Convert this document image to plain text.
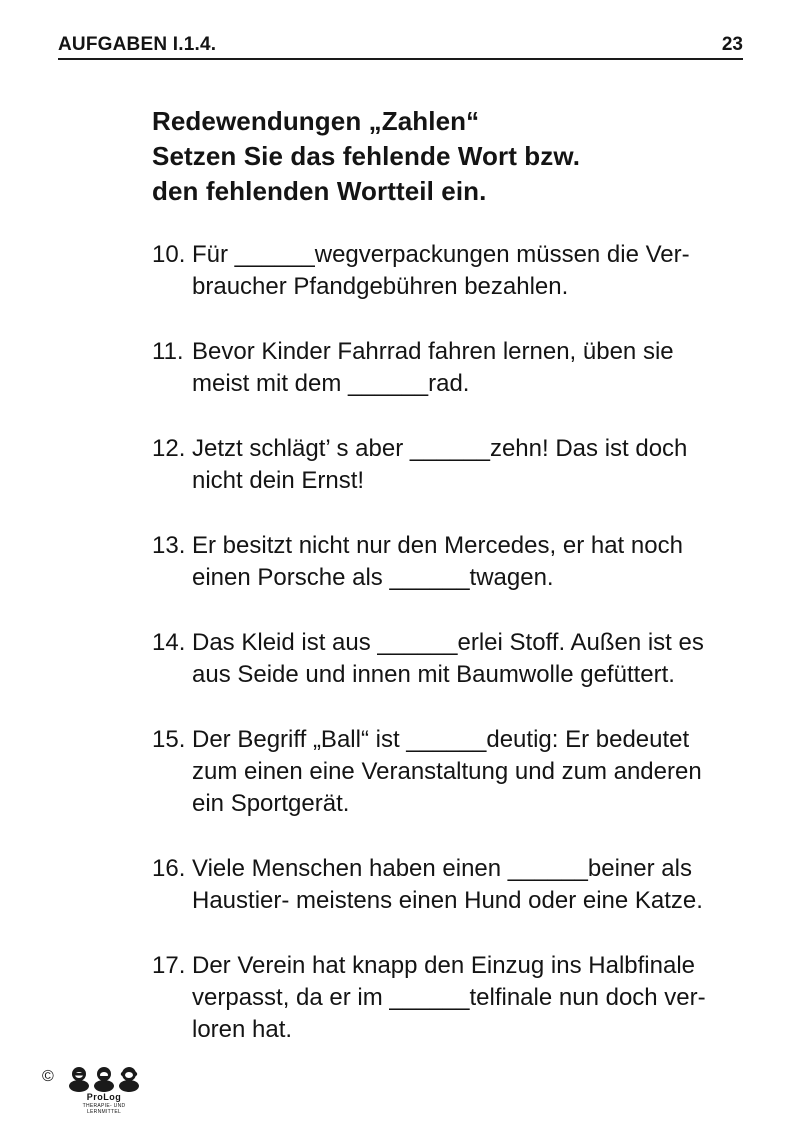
AUFGABEN I.1.4.	23
Redewendungen „Zahlen“
Setzen Sie das fehlende Wort bzw.
den fehlenden Wortteil ein.
10. Für ______wegverpackungen müssen die Ver-
braucher Pfandgebühren bezahlen.
11. Bevor Kinder Fahrrad fahren lernen, üben sie
meist mit dem ______rad.
12. Jetzt schlägt’ s aber ______zehn! Das ist doch
nicht dein Ernst!
13. Er besitzt nicht nur den Mercedes, er hat noch
einen Porsche als ______twagen.
14. Das Kleid ist aus ______erlei Stoff. Außen ist es
aus Seide und innen mit Baumwolle gefüttert.
15. Der Begriff „Ball“ ist ______deutig: Er bedeutet
zum einen eine Veranstaltung und zum anderen
ein Sportgerät.
16. Viele Menschen haben einen ______beiner als
Haustier- meistens einen Hund oder eine Katze.
17. Der Verein hat knapp den Einzug ins Halbfinale
verpasst, da er im ______telfinale nun doch ver-
loren hat.
©
ProLog
THERAPIE- UND
LERNMITTEL
